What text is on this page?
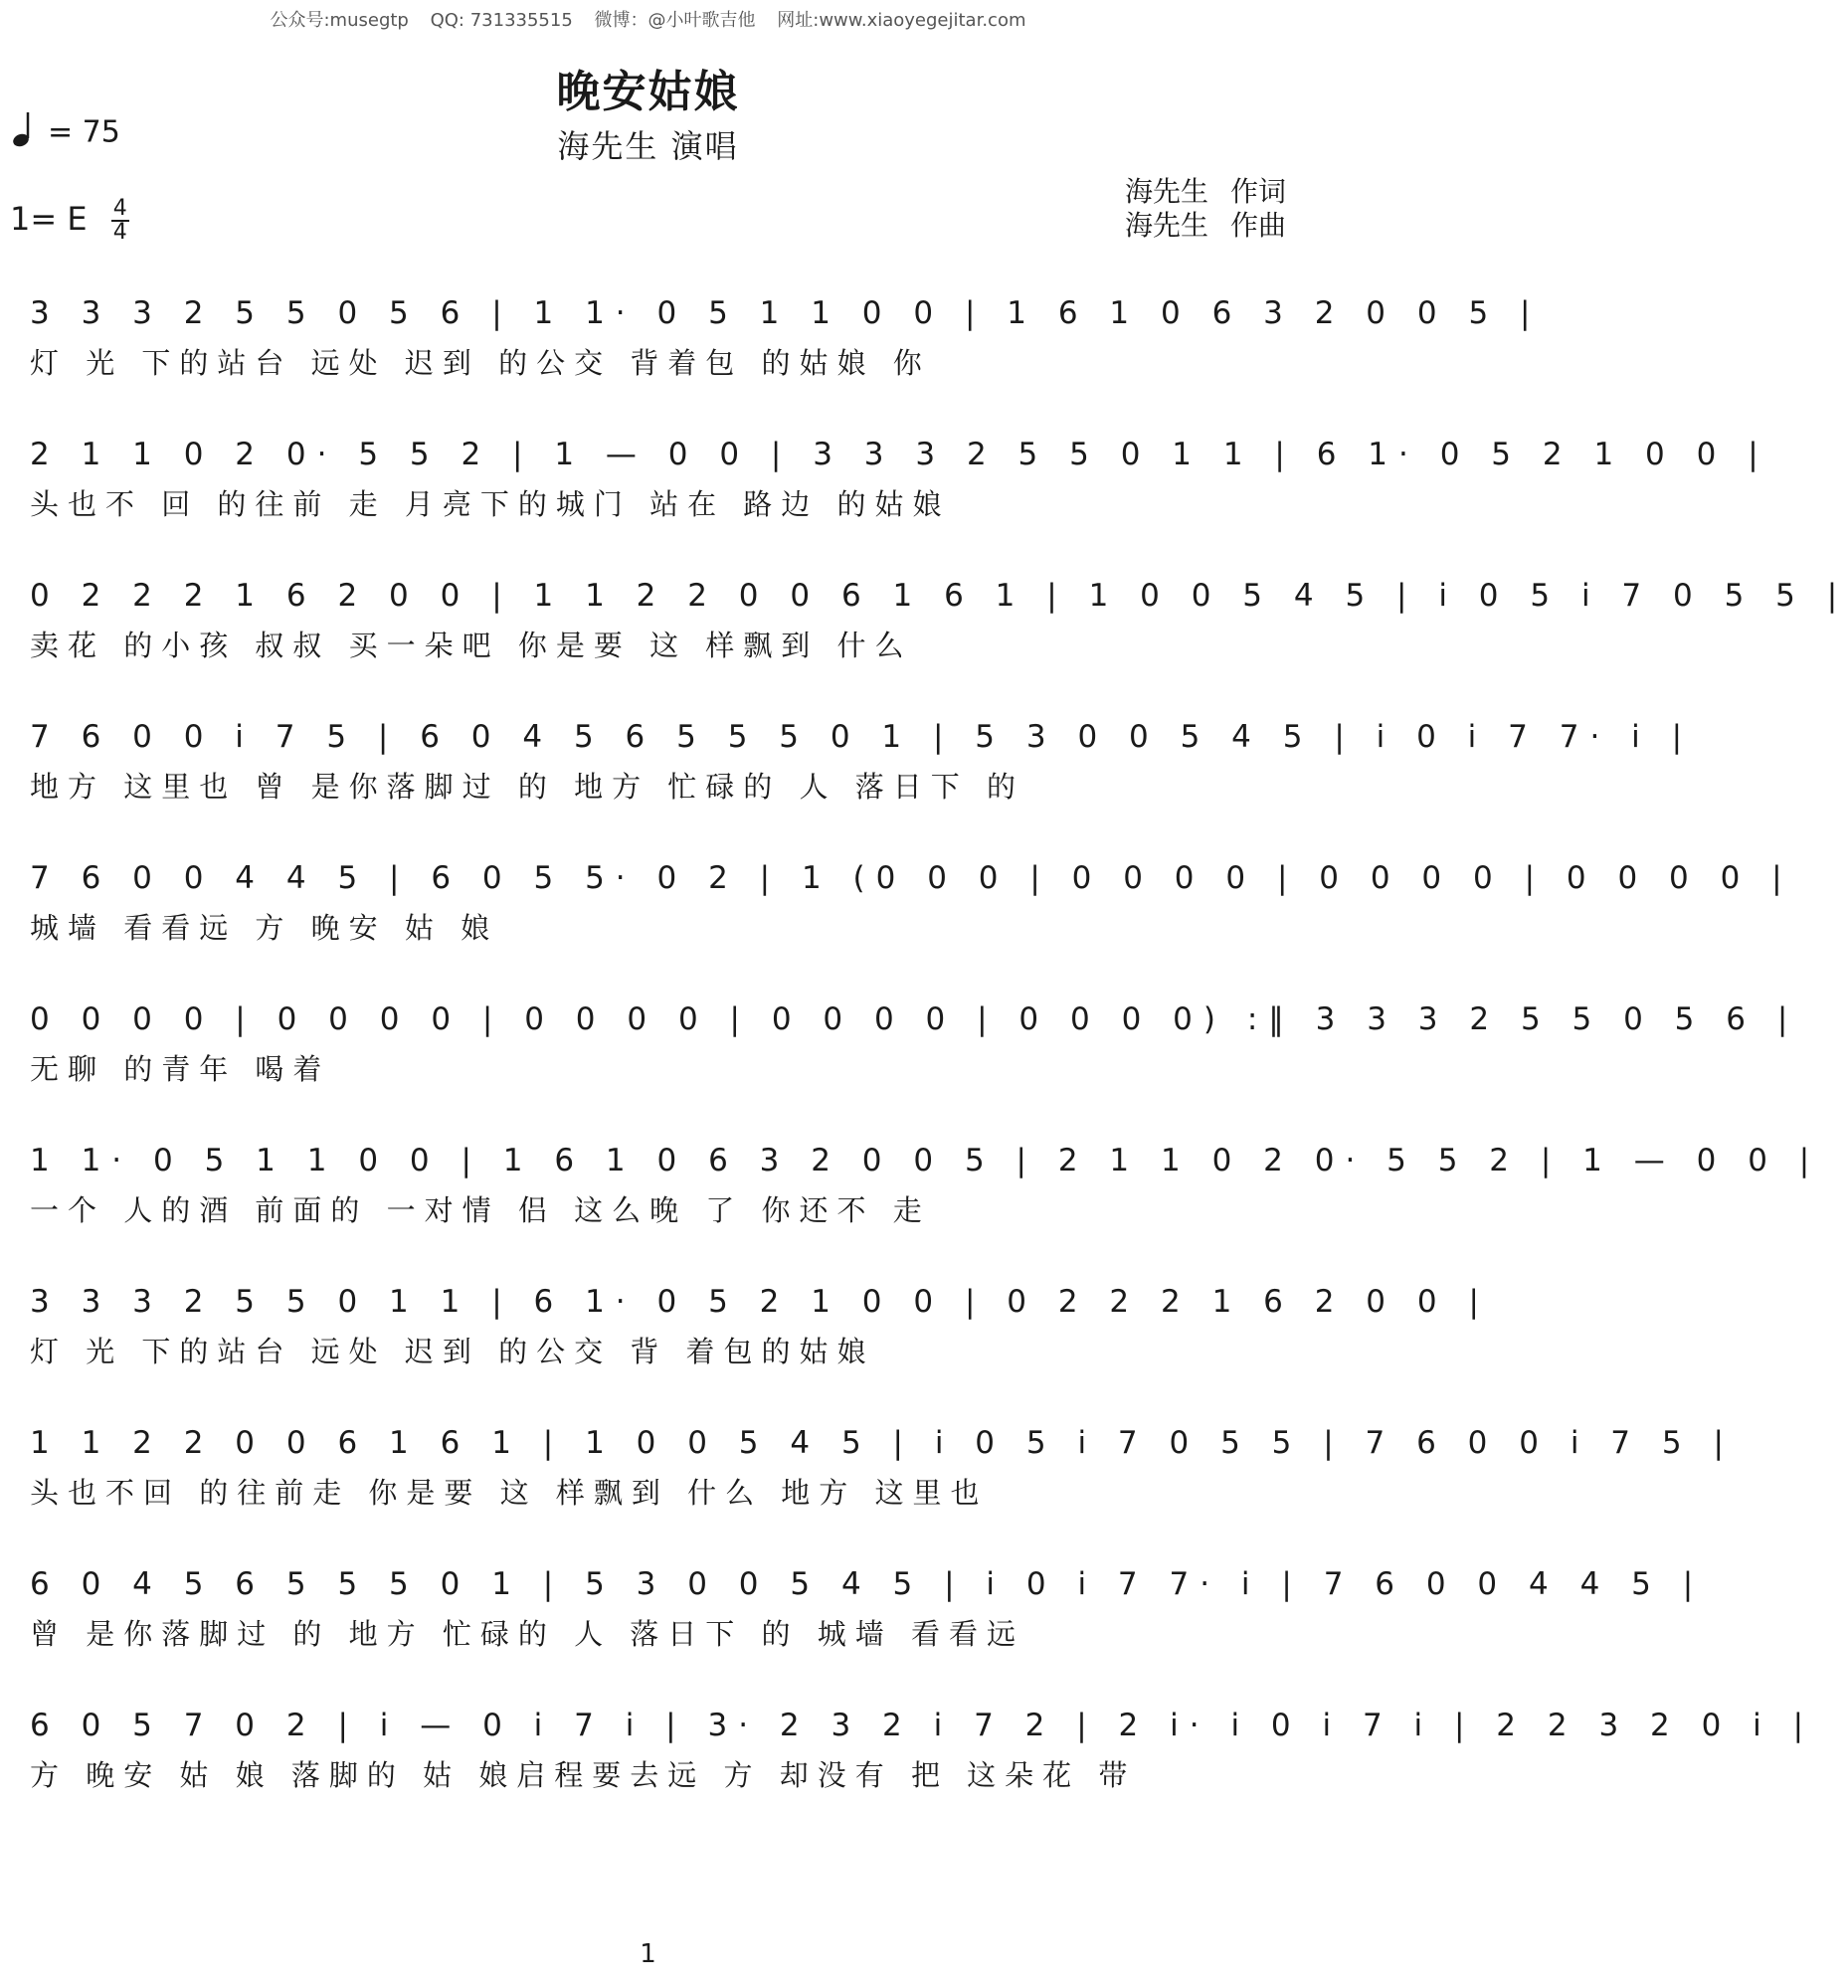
公众号:musegtp QQ: 731335515 微博：@小叶歌吉他 网址:www.xiaoyegejitar.com
晚安姑娘
海先生 演唱
= 75
1= E $\frac{4}{4}$
海先生 作词
海先生 作曲
3 3 3 2 5 5 0 5 6 | 1 1· 0 5 1 1 0 0 | 1 6 1 0 6 3 2 0 0 5 |
灯 光 下的站台 远处 迟到 的公交 背着包 的姑娘 你
2 1 1 0 2 0· 5 5 2 | 1 — 0 0 | 3 3 3 2 5 5 0 1 1 | 6 1· 0 5 2 1 0 0 |
头也不 回 的往前 走 月亮下的城门 站在 路边 的姑娘
0 2 2 2 1 6 2 0 0 | 1 1 2 2 0 0 6 1 6 1 | 1 0 0 5 4 5 | i 0 5 i 7 0 5 5 |
卖花 的小孩 叔叔 买一朵吧 你是要 这 样飘到 什么
7 6 0 0 i 7 5 | 6 0 4 5 6 5 5 5 0 1 | 5 3 0 0 5 4 5 | i 0 i 7 7· i |
地方 这里也 曾 是你落脚过 的 地方 忙碌的 人 落日下 的
7 6 0 0 4 4 5 | 6 0 5 5· 0 2 | 1 (0 0 0 | 0 0 0 0 | 0 0 0 0 | 0 0 0 0 |
城墙 看看远 方 晚安 姑 娘
0 0 0 0 | 0 0 0 0 | 0 0 0 0 | 0 0 0 0 | 0 0 0 0) :‖ 3 3 3 2 5 5 0 5 6 |
无聊 的青年 喝着
1 1· 0 5 1 1 0 0 | 1 6 1 0 6 3 2 0 0 5 | 2 1 1 0 2 0· 5 5 2 | 1 — 0 0 |
一个 人的酒 前面的 一对情 侣 这么晚 了 你还不 走
3 3 3 2 5 5 0 1 1 | 6 1· 0 5 2 1 0 0 | 0 2 2 2 1 6 2 0 0 |
灯 光 下的站台 远处 迟到 的公交 背 着包的姑娘
1 1 2 2 0 0 6 1 6 1 | 1 0 0 5 4 5 | i 0 5 i 7 0 5 5 | 7 6 0 0 i 7 5 |
头也不回 的往前走 你是要 这 样飘到 什么 地方 这里也
6 0 4 5 6 5 5 5 0 1 | 5 3 0 0 5 4 5 | i 0 i 7 7· i | 7 6 0 0 4 4 5 |
曾 是你落脚过 的 地方 忙碌的 人 落日下 的 城墙 看看远
6 0 5 7 0 2 | i — 0 i 7 i | 3· 2 3 2 i 7 2 | 2 i· i 0 i 7 i | 2 2 3 2 0 i |
方 晚安 姑 娘 落脚的 姑 娘启程要去远 方 却没有 把 这朵花 带
1
